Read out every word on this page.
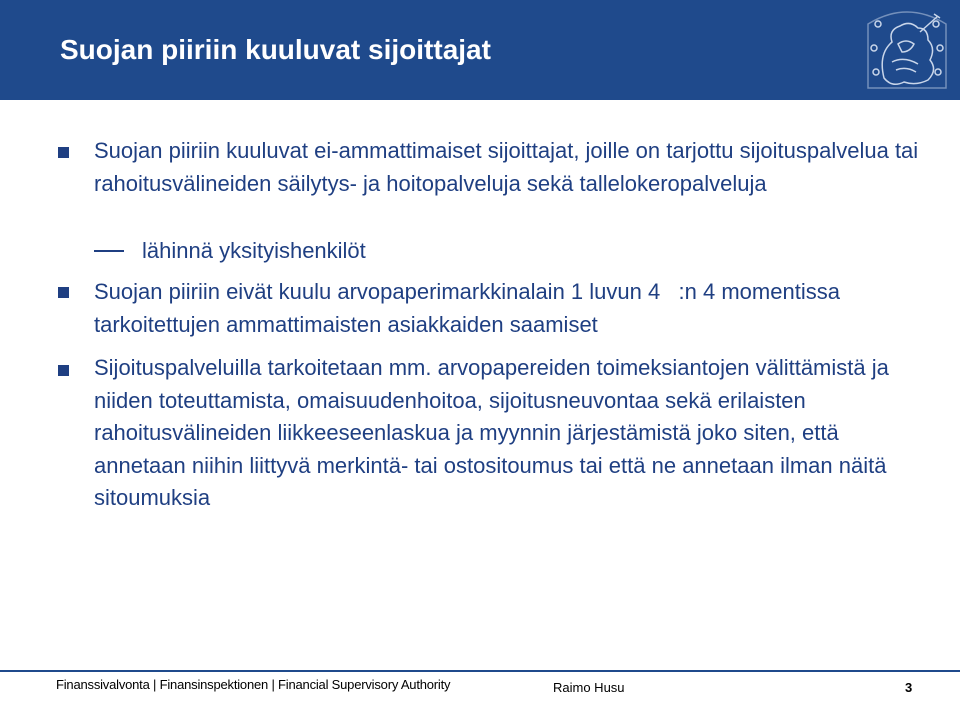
Suojan piiriin kuuluvat sijoittajat
Suojan piiriin kuuluvat ei-ammattimaiset sijoittajat, joille on tarjottu sijoituspalvelua tai rahoitusvälineiden säilytys- ja hoitopalveluja sekä tallelokeropalveluja
lähinnä yksityishenkilöt
Suojan piiriin eivät kuulu arvopaperimarkkinalain 1 luvun 4   :n 4 momentissa tarkoitettujen ammattimaisten asiakkaiden saamiset
Sijoituspalveluilla tarkoitetaan mm. arvopapereiden toimeksiantojen välittämistä ja niiden toteuttamista, omaisuudenhoitoa, sijoitusneuvontaa sekä erilaisten rahoitusvälineiden liikkeeseenlaskua ja myynnin järjestämistä joko siten, että annetaan niihin liittyvä merkintä- tai ostositoumus tai että ne annetaan ilman näitä sitoumuksia
Finanssivalvonta | Finansinspektionen | Financial Supervisory Authority	Raimo Husu	3
